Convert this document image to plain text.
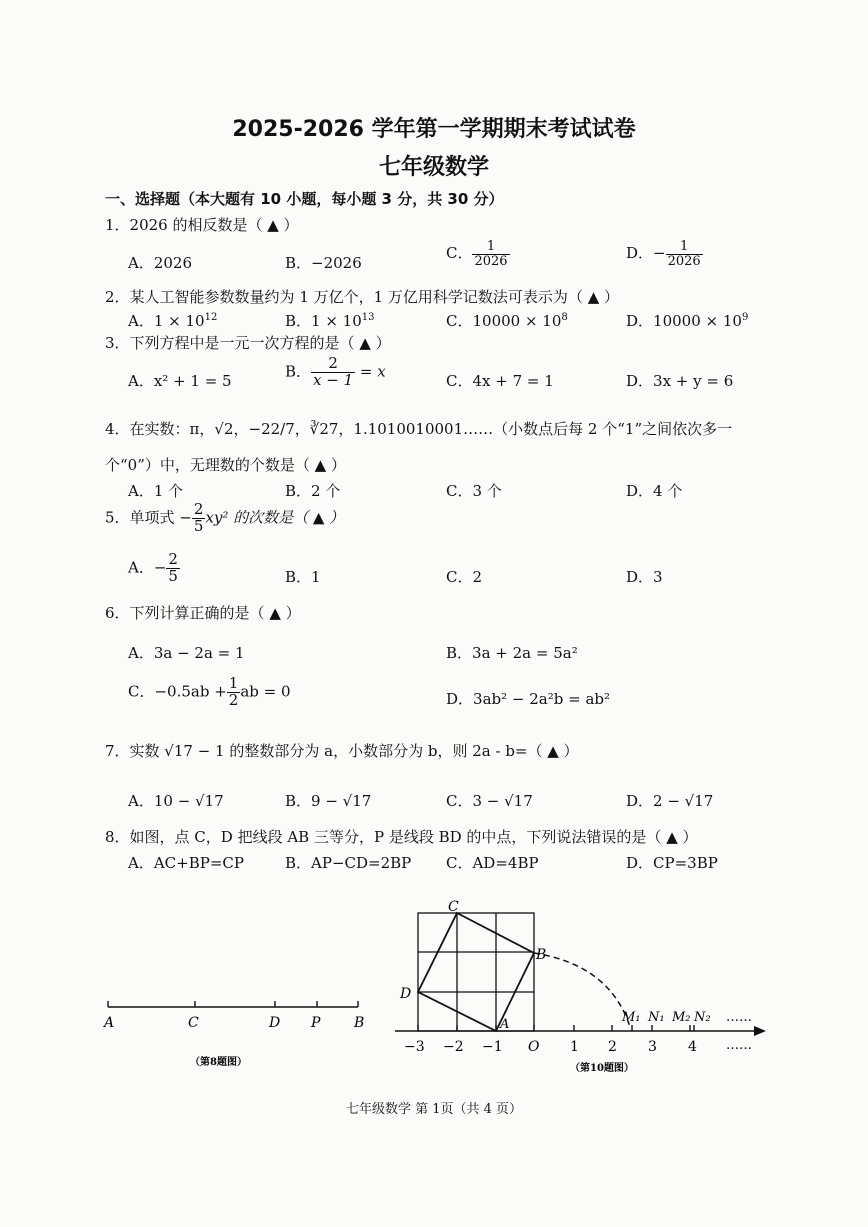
2025-2026 学年第一学期期末考试试卷
七年级数学
一、选择题（本大题有 10 小题，每小题 3 分，共 30 分）
1．2026 的相反数是（ ▲ ）
A．2026	B．−2026
C． $\frac{1}{2026}$	D．− $\frac{1}{2026}$
2．某人工智能参数数量约为 1 万亿个，1 万亿用科学记数法可表示为（ ▲ ）
A．$1 \times 10^{12}$	B．$1 \times 10^{13}$	C．$10000 \times 10^8$	D．$10000 \times 10^9$
3．下列方程中是一元一次方程的是（ ▲ ）
A．x² + 1 = 5
B． $\frac{2}{x - 1} = x$
C．4x + 7 = 1	D．3x + y = 6
4．在实数：π，√2，−22/7，∛27，1.1010010001……（小数点后每 2 个“1”之间依次多一
个“0”）中，无理数的个数是（ ▲ ）
A．1 个	B．2 个	C．3 个	D．4 个
5．单项式 − $\frac{2}{5} xy^2$ 的次数是（ ▲ ）
A．− $\frac{2}{5}$	B．1	C．2	D．3
6．下列计算正确的是（ ▲ ）
A．3a − 2a = 1	B．3a + 2a = 5a²
C．$-0.5ab + \frac{1}{2}$ ab = 0	D．3ab² − 2a²b = ab²
7．实数 √17 − 1 的整数部分为 a，小数部分为 b，则 2a - b=（ ▲ ）
A．10 − √17	B．9 − √17	C．3 − √17	D．2 − √17
8．如图，点 C，D 把线段 AB 三等分，P 是线段 BD 的中点，下列说法错误的是（ ▲ ）
A．AC+BP=CP	B．AP−CD=2BP C．AD=4BP	D．CP=3BP
A	C	D P B
（第8题图）
C
B
D
A	M₁ N₁ M₂ N₂ ……
−3 −2 −1 O 1 2 3 4 ……
（第10题图）
七年级数学 第 1页（共 4 页）
